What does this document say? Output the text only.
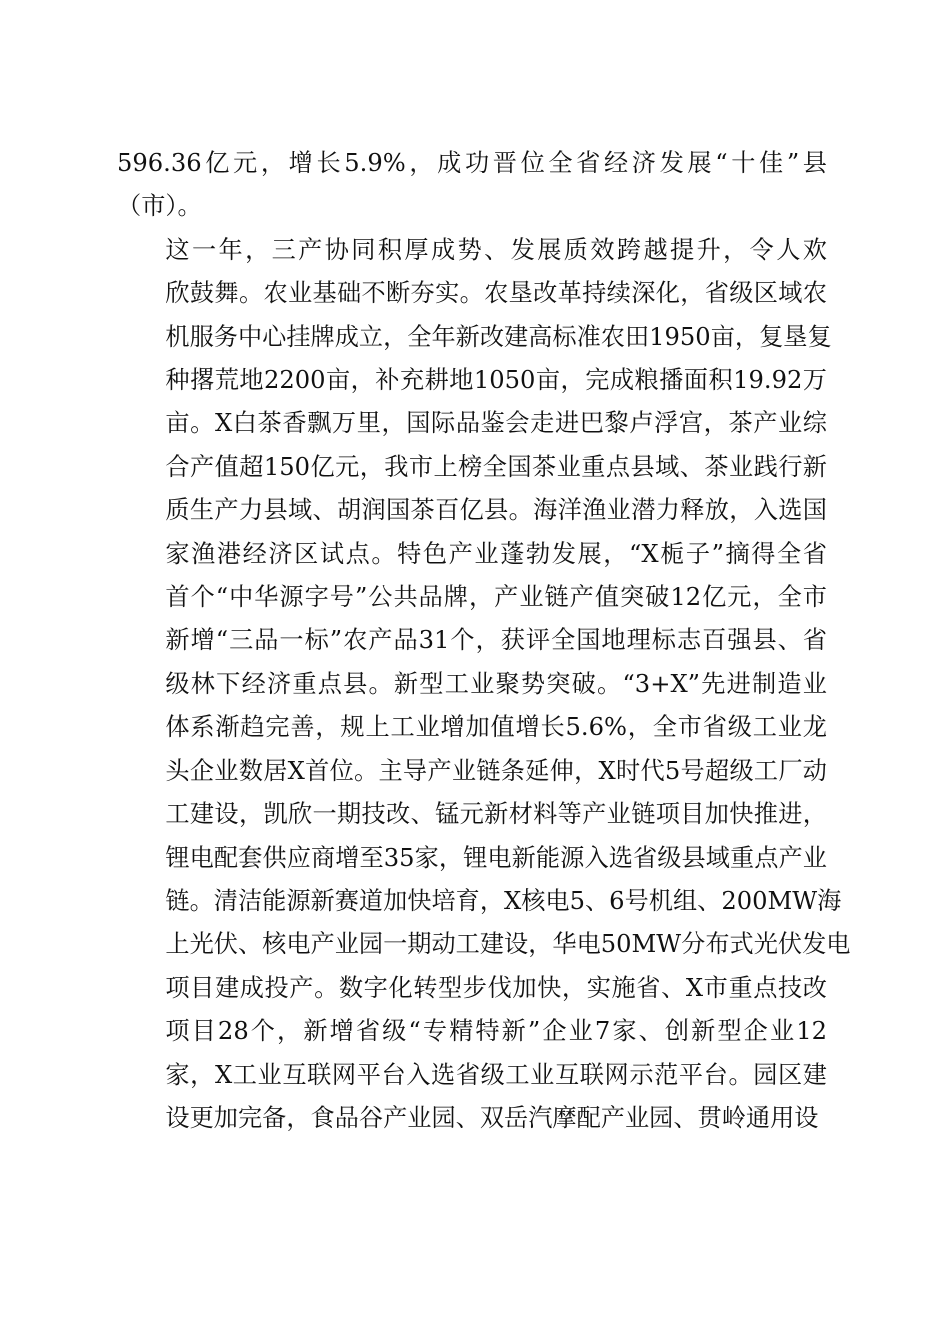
596.36亿元，增长5.9%，成功晋位全省经济发展“十佳”县
（市）。
这一年，三产协同积厚成势、发展质效跨越提升，令人欢
欣鼓舞。农业基础不断夯实。农垦改革持续深化，省级区域农
机服务中心挂牌成立，全年新改建高标准农田1950亩，复垦复
种撂荒地2200亩，补充耕地1050亩，完成粮播面积19.92万
亩。X白茶香飘万里，国际品鉴会走进巴黎卢浮宫，茶产业综
合产值超150亿元，我市上榜全国茶业重点县域、茶业践行新
质生产力县域、胡润国茶百亿县。海洋渔业潜力释放，入选国
家渔港经济区试点。特色产业蓬勃发展，“X栀子”摘得全省
首个“中华源字号”公共品牌，产业链产值突破12亿元，全市
新增“三品一标”农产品31个，获评全国地理标志百强县、省
级林下经济重点县。新型工业聚势突破。“3+X”先进制造业
体系渐趋完善，规上工业增加值增长5.6%，全市省级工业龙
头企业数居X首位。主导产业链条延伸，X时代5号超级工厂动
工建设，凯欣一期技改、锰元新材料等产业链项目加快推进，
锂电配套供应商增至35家，锂电新能源入选省级县域重点产业
链。清洁能源新赛道加快培育，X核电5、6号机组、200MW海
上光伏、核电产业园一期动工建设，华电50MW分布式光伏发电
项目建成投产。数字化转型步伐加快，实施省、X市重点技改
项目28个，新增省级“专精特新”企业7家、创新型企业12
家，X工业互联网平台入选省级工业互联网示范平台。园区建
设更加完备，食品谷产业园、双岳汽摩配产业园、贯岭通用设
